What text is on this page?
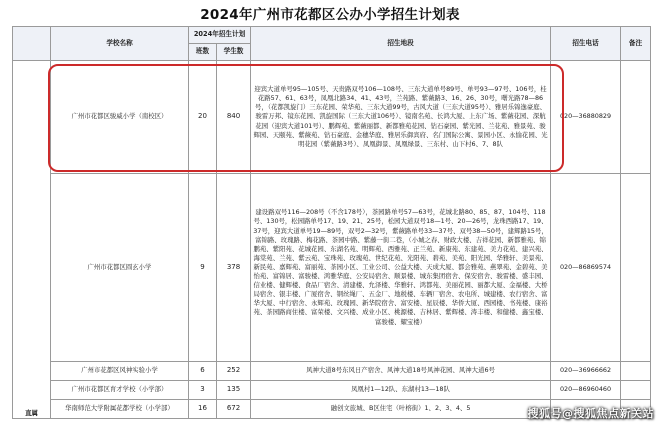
2024年广州市花都区公办小学招生计划表
	学校名称	2024年招生计划		招生地段	招生电话	备注
		班数	学生数			
直属	广州市花都区骏威小学（南校区）	20	840	迎宾大道单号95—105号、天贵路双号106—108号、三东大道单号89号、单号93—97号、106号，桂花路57、61、63号，凤凰北路34、41、43号，兰苑路、紫薇路3、16、26、30号，曙光路78—86号，（花都凯旋门）三东花园、荣华苑、三东大道99号，古风大道（三东大道95号）、雅居乐锦逸豪庭、骏雷万邦、镜东花园、凯旋国际（三东大道106号）、镜南名苑、长鸿大厦、上东广场、紫薇花园、深航花园（迎宾大道101号）、鹏辉苑、紫薇丽都、新都雅苑花园、钻石豪园、紫光园、兰花苑、雅景苑、骏辉园、天颐苑、紫薇苑、钻石豪庭、金穗华庭、雅居乐御宾府、名门国际公寓、景园小区、永愉花园、光明花园（紫薇路3号）、凤凰御景、凤凰绿景、三东村、山下村6、7、8队	020—36880829	
	广州市花都区圆玄小学	9	378	建设路双号116—208号（不含178号），茶园路单号57—63号，花城北路80、85、87、104号、118号、130号，松园路单号17、19、21、25号，松园大道双号18—1号、20—26号，龙珠西路17、19、37号，迎宾大道单号19—89号，双号2—32号，紫薇路单号33—37号、双号38—50号，建辉路15号，富锦路、玫瑰路、梅花路、茶园中路、紫藤一街二巷，（小城之春、财政大楼、吉祥花园、新都雅苑、锦鹏苑、紫阳苑、花城花园、东湖名苑、明辉苑、西雅苑、正兰苑、新康苑、东建苑、美力花苑、建兴苑、海棠苑、兰苑、紫云苑、宝珠苑、玫瑰苑、世纪花苑、光阳苑、碧苑、美苑、阳光园、华雅轩、美景苑、新民苑、嘉辉苑、富丽苑、茶园小区、工业公司、公益大楼、天成大厦、都会雅苑、燕翠苑、金碧苑、美怡苑、富锦居、富骏楼、鸿雅华庭、公安局宿舍、顺景楼、城东集团宿舍、保安宿舍、骏雷楼、盛丰园、信业楼、健辉楼、食品厂宿舍、清建楼、允泽楼、华雅轩、鸿都苑、美丽花园、丽都大厦、金福楼、大桥局宿舍、银丰楼、广厦宿舍、钢丝绳厂、五金厂、地税楼、车辆厂宿舍、农电所、城建楼、农行宿舍、富华大厦、中行宿舍、永辉苑、玫瑰园、新华院宿舍、富安楼、星辰楼、华侨大厦、西园楼、书苑楼、康裕苑、茶园路商住楼、富荣楼、文兴楼、成业小区、桃源楼、吉林居、紫辉楼、涛丰楼、和健楼、鑫宝楼、富骏楼、耀宝楼）	020—86869574	
	广州市花都区风神实验小学	6	252	风神大道8号东风日产宿舍、风神大道18号风神花园、风神大道6号	020—36966662	
	广州市花都区育才学校（小学部）	3	135	凤凰村1—12队、东湖村13—18队	020—86960460	
	华南师范大学附属花都学校（小学部）	16	672	融创文旅城、B区住宅（叶榕街）1、2、3、4、5			搜狐号@搜狐焦点新关站
